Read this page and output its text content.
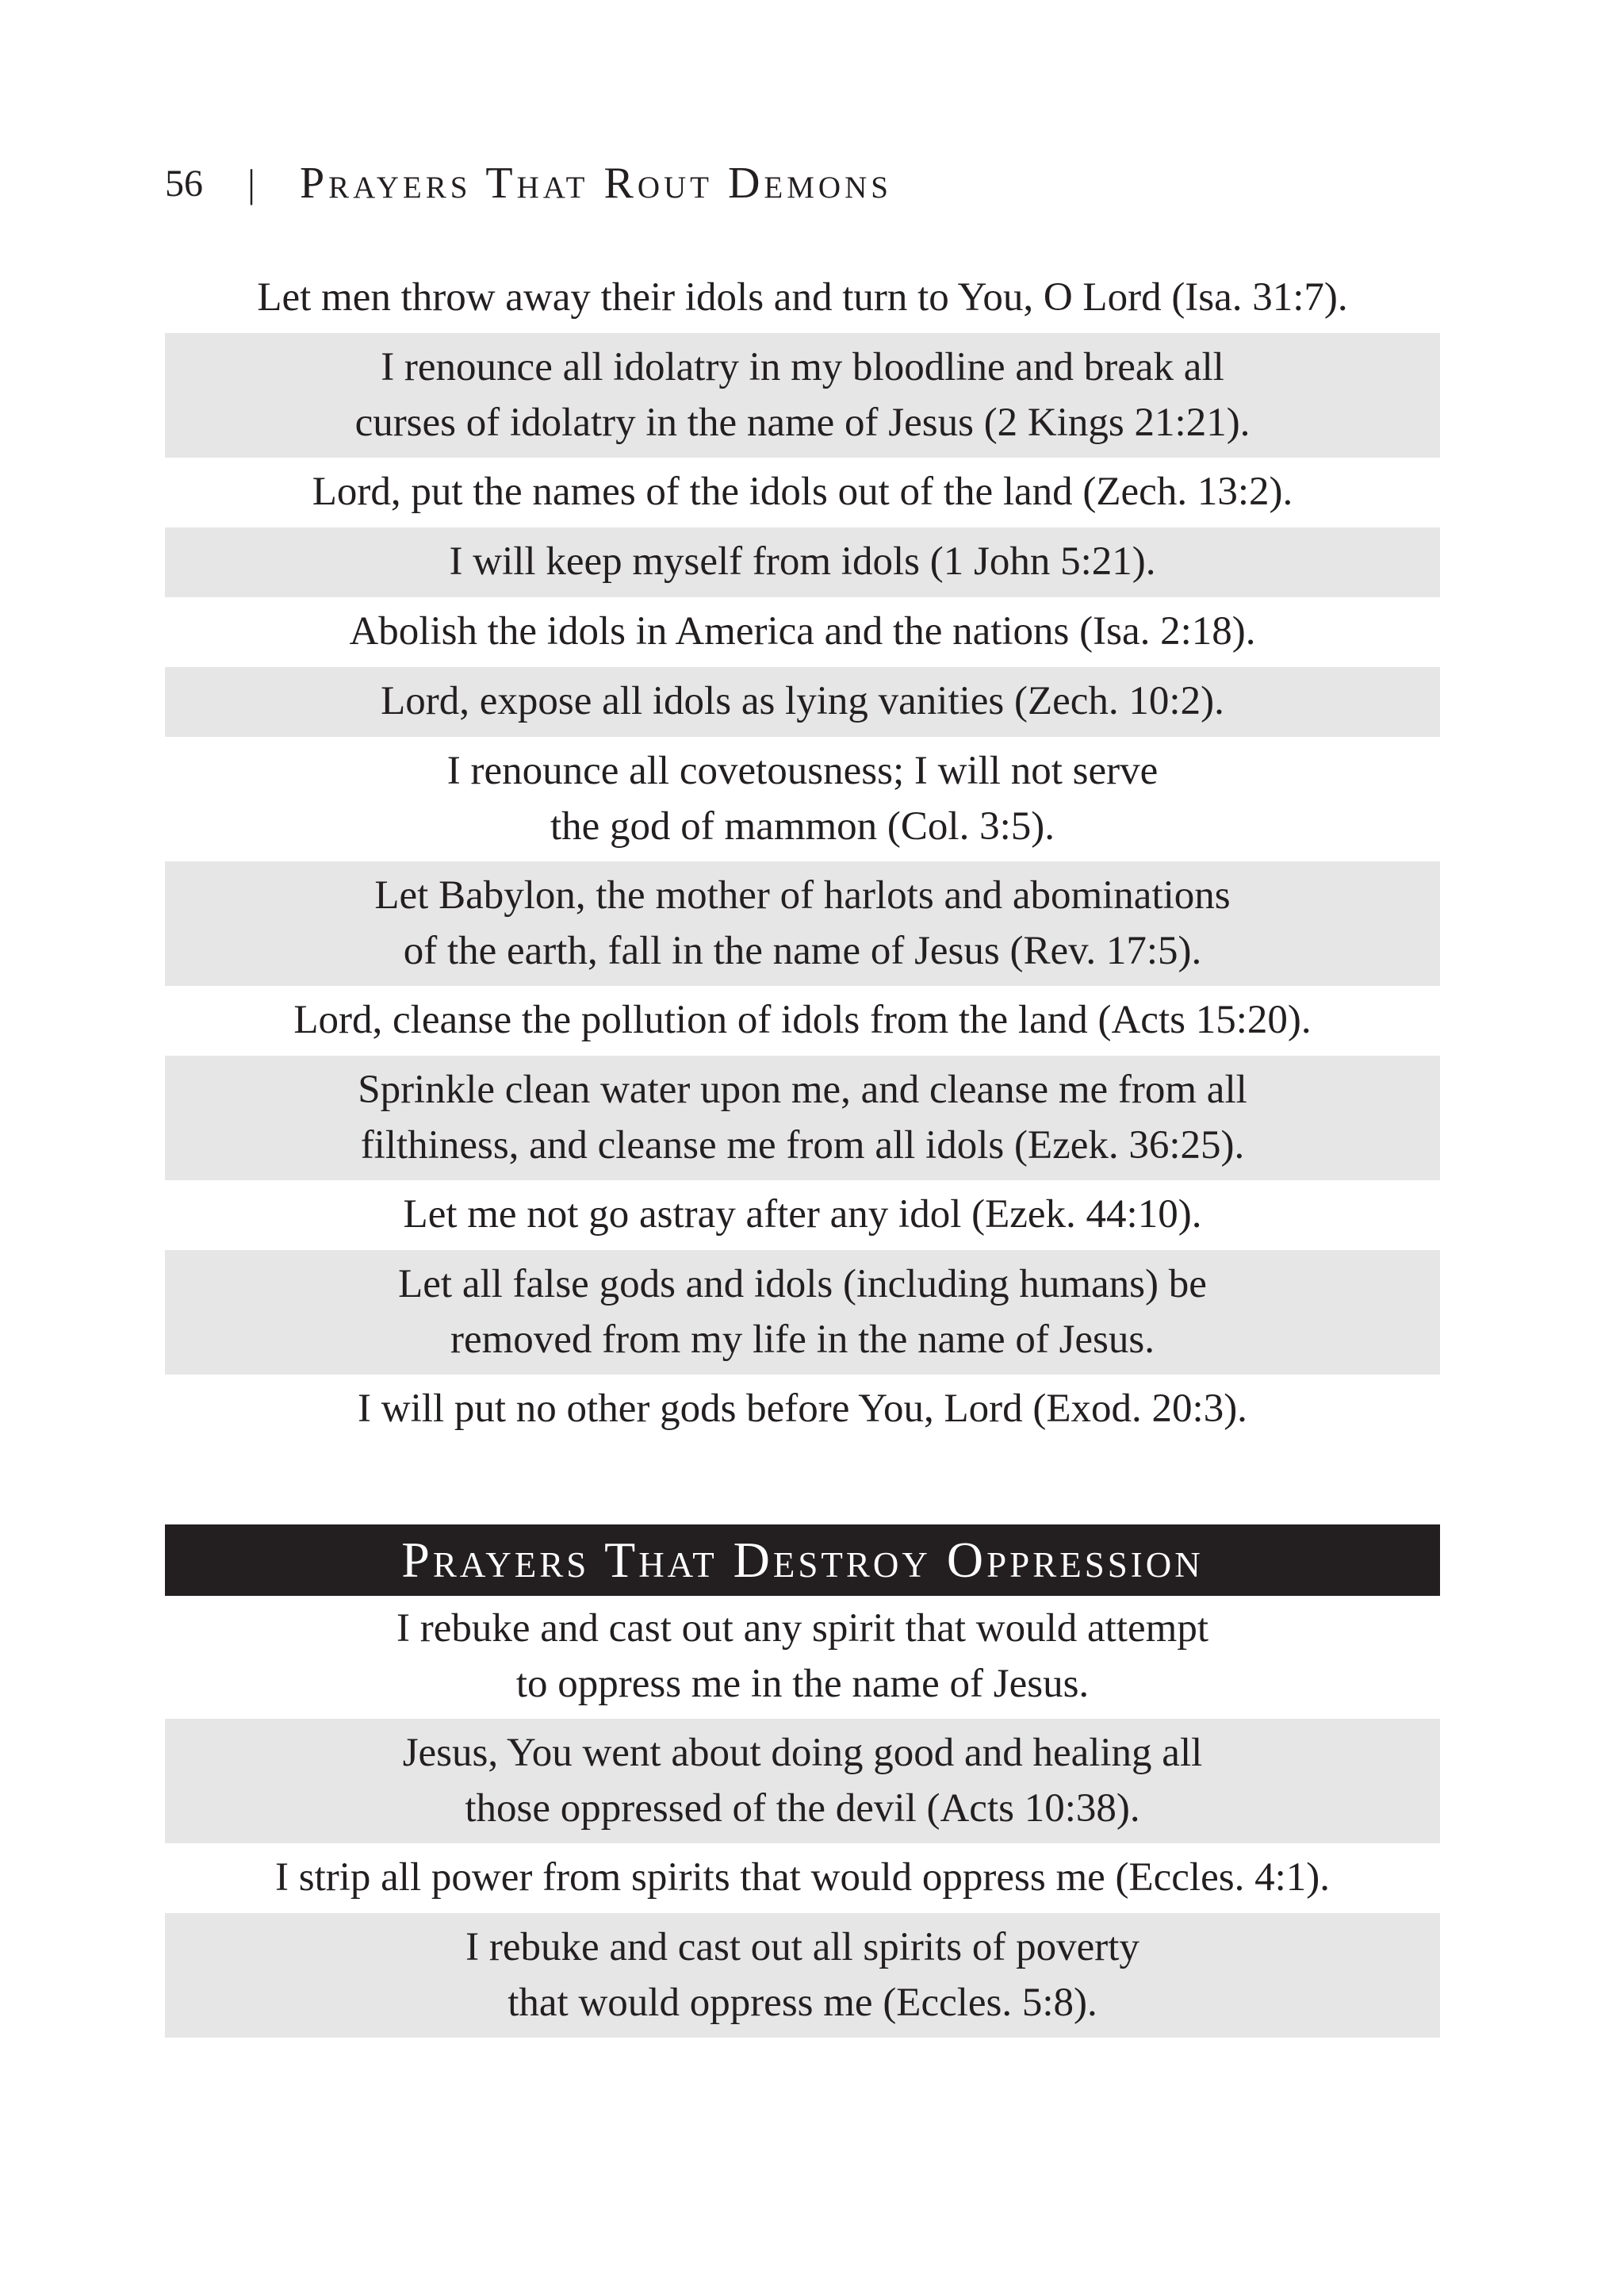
56 | Prayers That Rout Demons
Let men throw away their idols and turn to You, O Lord (Isa. 31:7).
I renounce all idolatry in my bloodline and break all
curses of idolatry in the name of Jesus (2 Kings 21:21).
Lord, put the names of the idols out of the land (Zech. 13:2).
I will keep myself from idols (1 John 5:21).
Abolish the idols in America and the nations (Isa. 2:18).
Lord, expose all idols as lying vanities (Zech. 10:2).
I renounce all covetousness; I will not serve
the god of mammon (Col. 3:5).
Let Babylon, the mother of harlots and abominations
of the earth, fall in the name of Jesus (Rev. 17:5).
Lord, cleanse the pollution of idols from the land (Acts 15:20).
Sprinkle clean water upon me, and cleanse me from all
filthiness, and cleanse me from all idols (Ezek. 36:25).
Let me not go astray after any idol (Ezek. 44:10).
Let all false gods and idols (including humans) be
removed from my life in the name of Jesus.
I will put no other gods before You, Lord (Exod. 20:3).
Prayers That Destroy Oppression
I rebuke and cast out any spirit that would attempt
to oppress me in the name of Jesus.
Jesus, You went about doing good and healing all
those oppressed of the devil (Acts 10:38).
I strip all power from spirits that would oppress me (Eccles. 4:1).
I rebuke and cast out all spirits of poverty
that would oppress me (Eccles. 5:8).
